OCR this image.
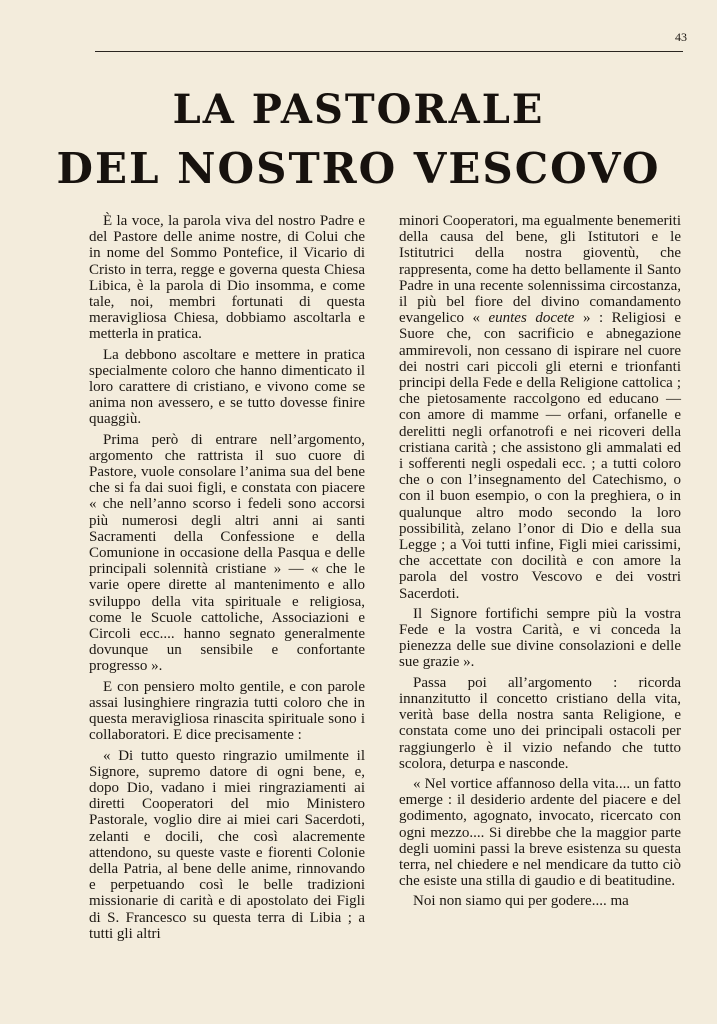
43
LA PASTORALE
DEL NOSTRO VESCOVO

È la voce, la parola viva del nostro Padre e del Pastore delle anime nostre, di Colui che in nome del Sommo Pontefice, il Vicario di Cristo in terra, regge e governa questa Chiesa Libica, è la parola di Dio insomma, e come tale, noi, membri fortunati di questa meravigliosa Chiesa, dobbiamo ascoltarla e metterla in pratica.

La debbono ascoltare e mettere in pratica specialmente coloro che hanno dimenticato il loro carattere di cristiano, e vivono come se anima non avessero, e se tutto dovesse finire quaggiù.

Prima però di entrare nell’argomento, argomento che rattrista il suo cuore di Pastore, vuole consolare l’anima sua del bene che si fa dai suoi figli, e constata con piacere « che nell’anno scorso i fedeli sono accorsi più numerosi degli altri anni ai santi Sacramenti della Confessione e della Comunione in occasione della Pasqua e delle principali solennità cristiane » — « che le varie opere dirette al mantenimento e allo sviluppo della vita spirituale e religiosa, come le Scuole cattoliche, Associazioni e Circoli ecc.... hanno segnato generalmente dovunque un sensibile e confortante progresso ».

E con pensiero molto gentile, e con parole assai lusinghiere ringrazia tutti coloro che in questa meravigliosa rinascita spirituale sono i collaboratori. E dice precisamente :

« Di tutto questo ringrazio umilmente il Signore, supremo datore di ogni bene, e, dopo Dio, vadano i miei ringraziamenti ai diretti Cooperatori del mio Ministero Pastorale, voglio dire ai miei cari Sacerdoti, zelanti e docili, che così alacremente attendono, su queste vaste e fiorenti Colonie della Patria, al bene delle anime, rinnovando e perpetuando così le belle tradizioni missionarie di carità e di apostolato dei Figli di S. Francesco su questa terra di Libia ; a tutti gli altri

minori Cooperatori, ma egualmente benemeriti della causa del bene, gli Istitutori e le Istitutrici della nostra gioventù, che rappresenta, come ha detto bellamente il Santo Padre in una recente solennissima circostanza, il più bel fiore del divino comandamento evangelico « euntes docete » : Religiosi e Suore che, con sacrificio e abnegazione ammirevoli, non cessano di ispirare nel cuore dei nostri cari piccoli gli eterni e trionfanti principi della Fede e della Religione cattolica ; che pietosamente raccolgono ed educano — con amore di mamme — orfani, orfanelle e derelitti negli orfanotrofi e nei ricoveri della cristiana carità ; che assistono gli ammalati ed i sofferenti negli ospedali ecc. ; a tutti coloro che o con l’insegnamento del Catechismo, o con il buon esempio, o con la preghiera, o in qualunque altro modo secondo la loro possibilità, zelano l’onor di Dio e della sua Legge ; a Voi tutti infine, Figli miei carissimi, che accettate con docilità e con amore la parola del vostro Vescovo e dei vostri Sacerdoti.

Il Signore fortifichi sempre più la vostra Fede e la vostra Carità, e vi conceda la pienezza delle sue divine consolazioni e delle sue grazie ».

Passa poi all’argomento : ricorda innanzitutto il concetto cristiano della vita, verità base della nostra santa Religione, e constata come uno dei principali ostacoli per raggiungerlo è il vizio nefando che tutto scolora, deturpa e nasconde.

« Nel vortice affannoso della vita.... un fatto emerge : il desiderio ardente del piacere e del godimento, agognato, invocato, ricercato con ogni mezzo.... Si direbbe che la maggior parte degli uomini passi la breve esistenza su questa terra, nel chiedere e nel mendicare da tutto ciò che esiste una stilla di gaudio e di beatitudine.

Noi non siamo qui per godere.... ma
